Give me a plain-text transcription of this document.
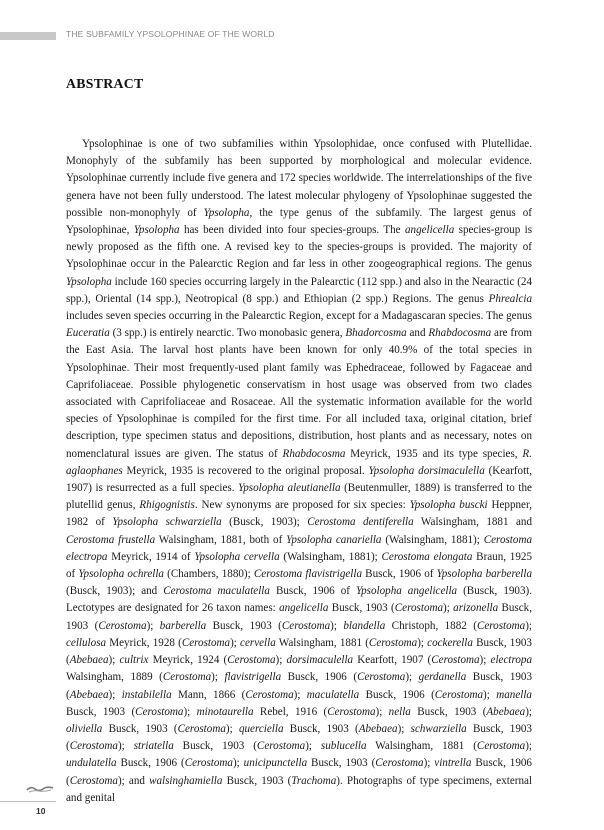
THE SUBFAMILY YPSOLOPHINAE OF THE WORLD
ABSTRACT

Ypsolophinae is one of two subfamilies within Ypsolophidae, once confused with Plutellidae. Monophyly of the subfamily has been supported by morphological and molecular evidence. Ypsolophinae currently include five genera and 172 species worldwide. The interrelationships of the five genera have not been fully understood. The latest molecular phylogeny of Ypsolophinae suggested the possible non-monophyly of Ypsolopha, the type genus of the subfamily. The largest genus of Ypsolophinae, Ypsolopha has been divided into four species-groups. The angelicella species-group is newly proposed as the fifth one. A revised key to the species-groups is provided. The majority of Ypsolophinae occur in the Palearctic Region and far less in other zoogeographical regions. The genus Ypsolopha include 160 species occurring largely in the Palearctic (112 spp.) and also in the Nearactic (24 spp.), Oriental (14 spp.), Neotropical (8 spp.) and Ethiopian (2 spp.) Regions. The genus Phrealcia includes seven species occurring in the Palearctic Region, except for a Madagascaran species. The genus Euceratia (3 spp.) is entirely nearctic. Two monobasic genera, Bhadorcosma and Rhabdocosma are from the East Asia. The larval host plants have been known for only 40.9% of the total species in Ypsolophinae. Their most frequently-used plant family was Ephedraceae, followed by Fagaceae and Caprifoliaceae. Possible phylogenetic conservatism in host usage was observed from two clades associated with Caprifoliaceae and Rosaceae. All the systematic information available for the world species of Ypsolophinae is compiled for the first time. For all included taxa, original citation, brief description, type specimen status and depositions, distribution, host plants and as necessary, notes on nomenclatural issues are given. The status of Rhabdocosma Meyrick, 1935 and its type species, R. aglaophanes Meyrick, 1935 is recovered to the original proposal. Ypsolopha dorsimaculella (Kearfott, 1907) is resurrected as a full species. Ypsolopha aleutianella (Beutenmuller, 1889) is transferred to the plutellid genus, Rhigognistis. New synonyms are proposed for six species: Ypsolopha buscki Heppner, 1982 of Ypsolopha schwarziella (Busck, 1903); Cerostoma dentiferella Walsingham, 1881 and Cerostoma frustella Walsingham, 1881, both of Ypsolopha canariella (Walsingham, 1881); Cerostoma electropa Meyrick, 1914 of Ypsolopha cervella (Walsingham, 1881); Cerostoma elongata Braun, 1925 of Ypsolopha ochrella (Chambers, 1880); Cerostoma flavistrigella Busck, 1906 of Ypsolopha barberella (Busck, 1903); and Cerostoma maculatella Busck, 1906 of Ypsolopha angelicella (Busck, 1903). Lectotypes are designated for 26 taxon names: angelicella Busck, 1903 (Cerostoma); arizonella Busck, 1903 (Cerostoma); barberella Busck, 1903 (Cerostoma); blandella Christoph, 1882 (Cerostoma); cellulosa Meyrick, 1928 (Cerostoma); cervella Walsingham, 1881 (Cerostoma); cockerella Busck, 1903 (Abebaea); cultrix Meyrick, 1924 (Cerostoma); dorsimaculella Kearfott, 1907 (Cerostoma); electropa Walsingham, 1889 (Cerostoma); flavistrigella Busck, 1906 (Cerostoma); gerdanella Busck, 1903 (Abebaea); instabilella Mann, 1866 (Cerostoma); maculatella Busck, 1906 (Cerostoma); manella Busck, 1903 (Cerostoma); minotaurella Rebel, 1916 (Cerostoma); nella Busck, 1903 (Abebaea); oliviella Busck, 1903 (Cerostoma); querciella Busck, 1903 (Abebaea); schwarziella Busck, 1903 (Cerostoma); striatella Busck, 1903 (Cerostoma); sublucella Walsingham, 1881 (Cerostoma); undulatella Busck, 1906 (Cerostoma); unicipunctella Busck, 1903 (Cerostoma); vintrella Busck, 1906 (Cerostoma); and walsinghamiella Busck, 1903 (Trachoma). Photographs of type specimens, external and genital

10
